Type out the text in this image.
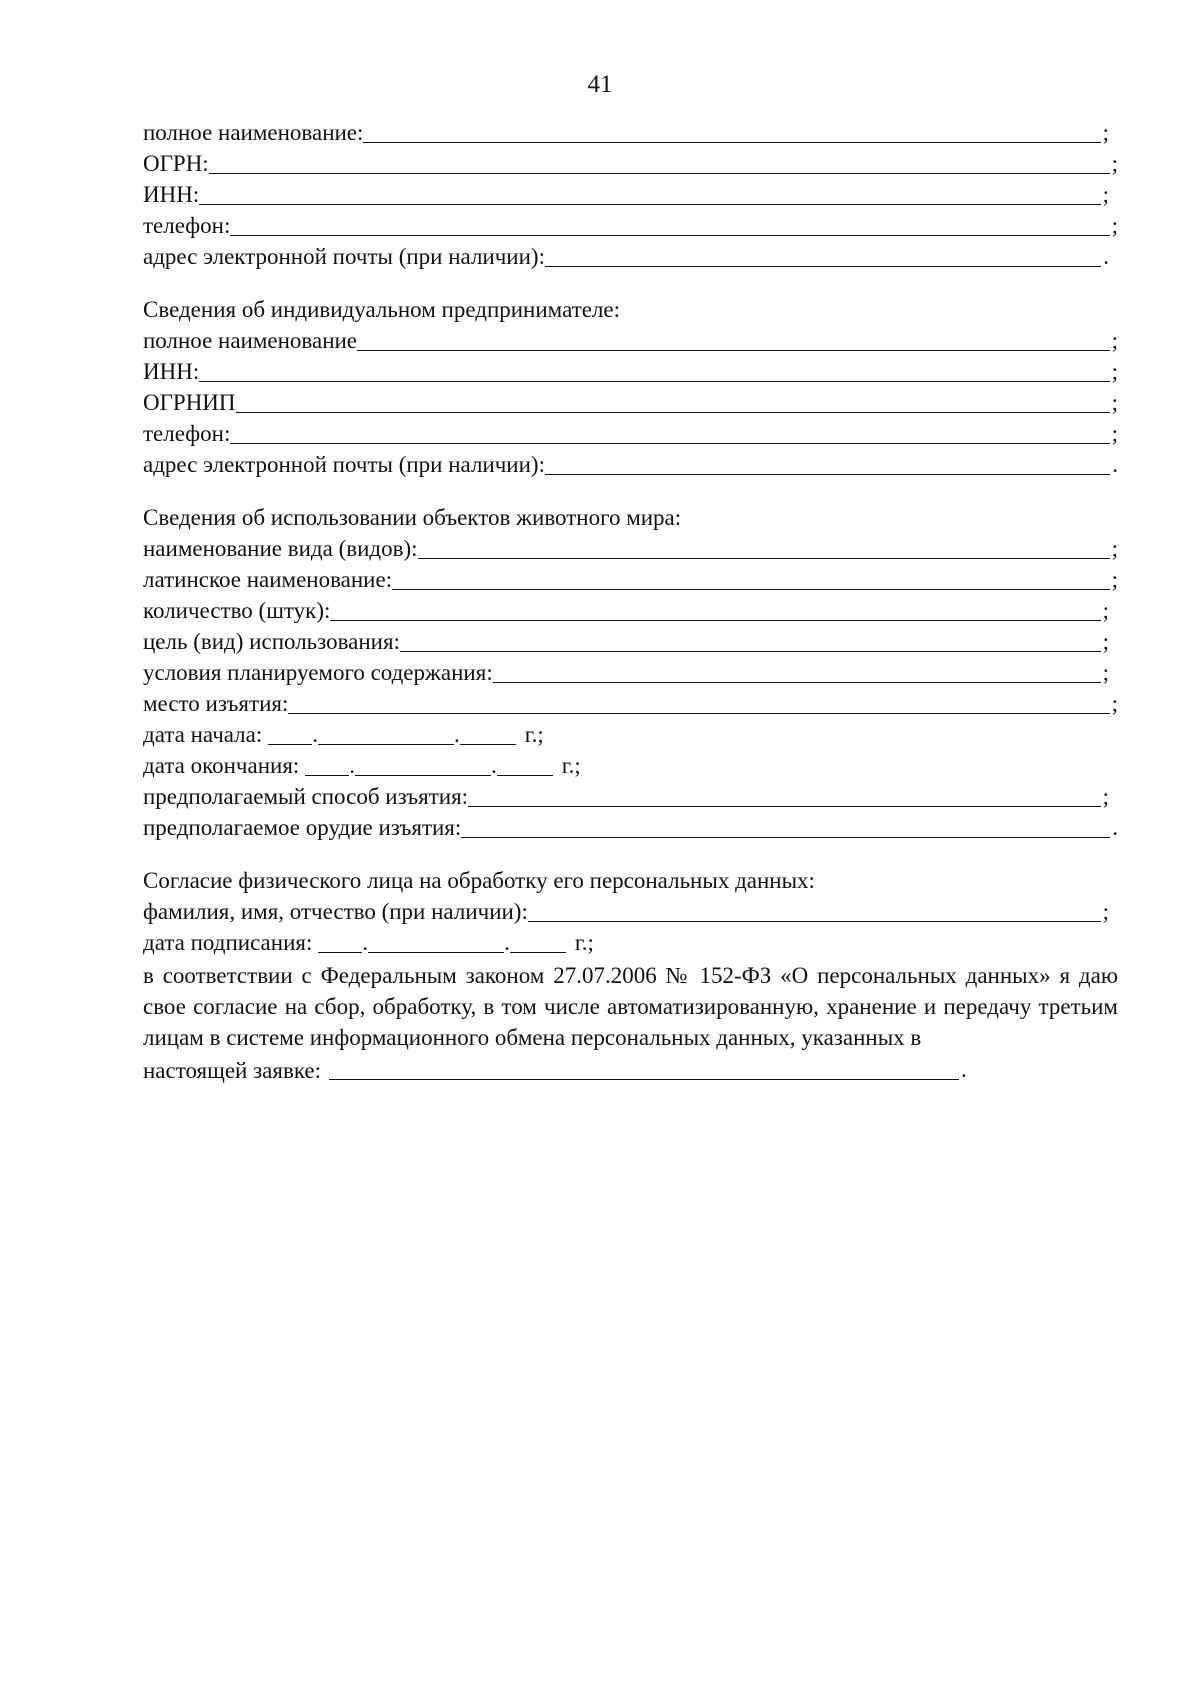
41
полное наименование:	;
ОГРН:	;
ИНН:	;
телефон:	;
адрес электронной почты (при наличии):	.
Сведения об индивидуальном предпринимателе:
полное наименование	;
ИНН:	;
ОГРНИП	;
телефон:	;
адрес электронной почты (при наличии):	.
Сведения об использовании объектов животного мира:
наименование вида (видов):	;
латинское наименование:	;
количество (штук):	;
цель (вид) использования:	;
условия планируемого содержания:	;
место изъятия:	;
дата начала: .	.	г.;
дата окончания: .	.	г.;
предполагаемый способ изъятия:	;
предполагаемое орудие изъятия:	.
Согласие физического лица на обработку его персональных данных:
фамилия, имя, отчество (при наличии):	;
дата подписания: .	.	г.;
в соответствии с Федеральным законом 27.07.2006 № 152-ФЗ «О персональных данных» я даю свое согласие на сбор, обработку, в том числе автоматизированную, хранение и передачу третьим лицам в системе информационного обмена персональных данных, указанных в
настоящей заявке:	.
